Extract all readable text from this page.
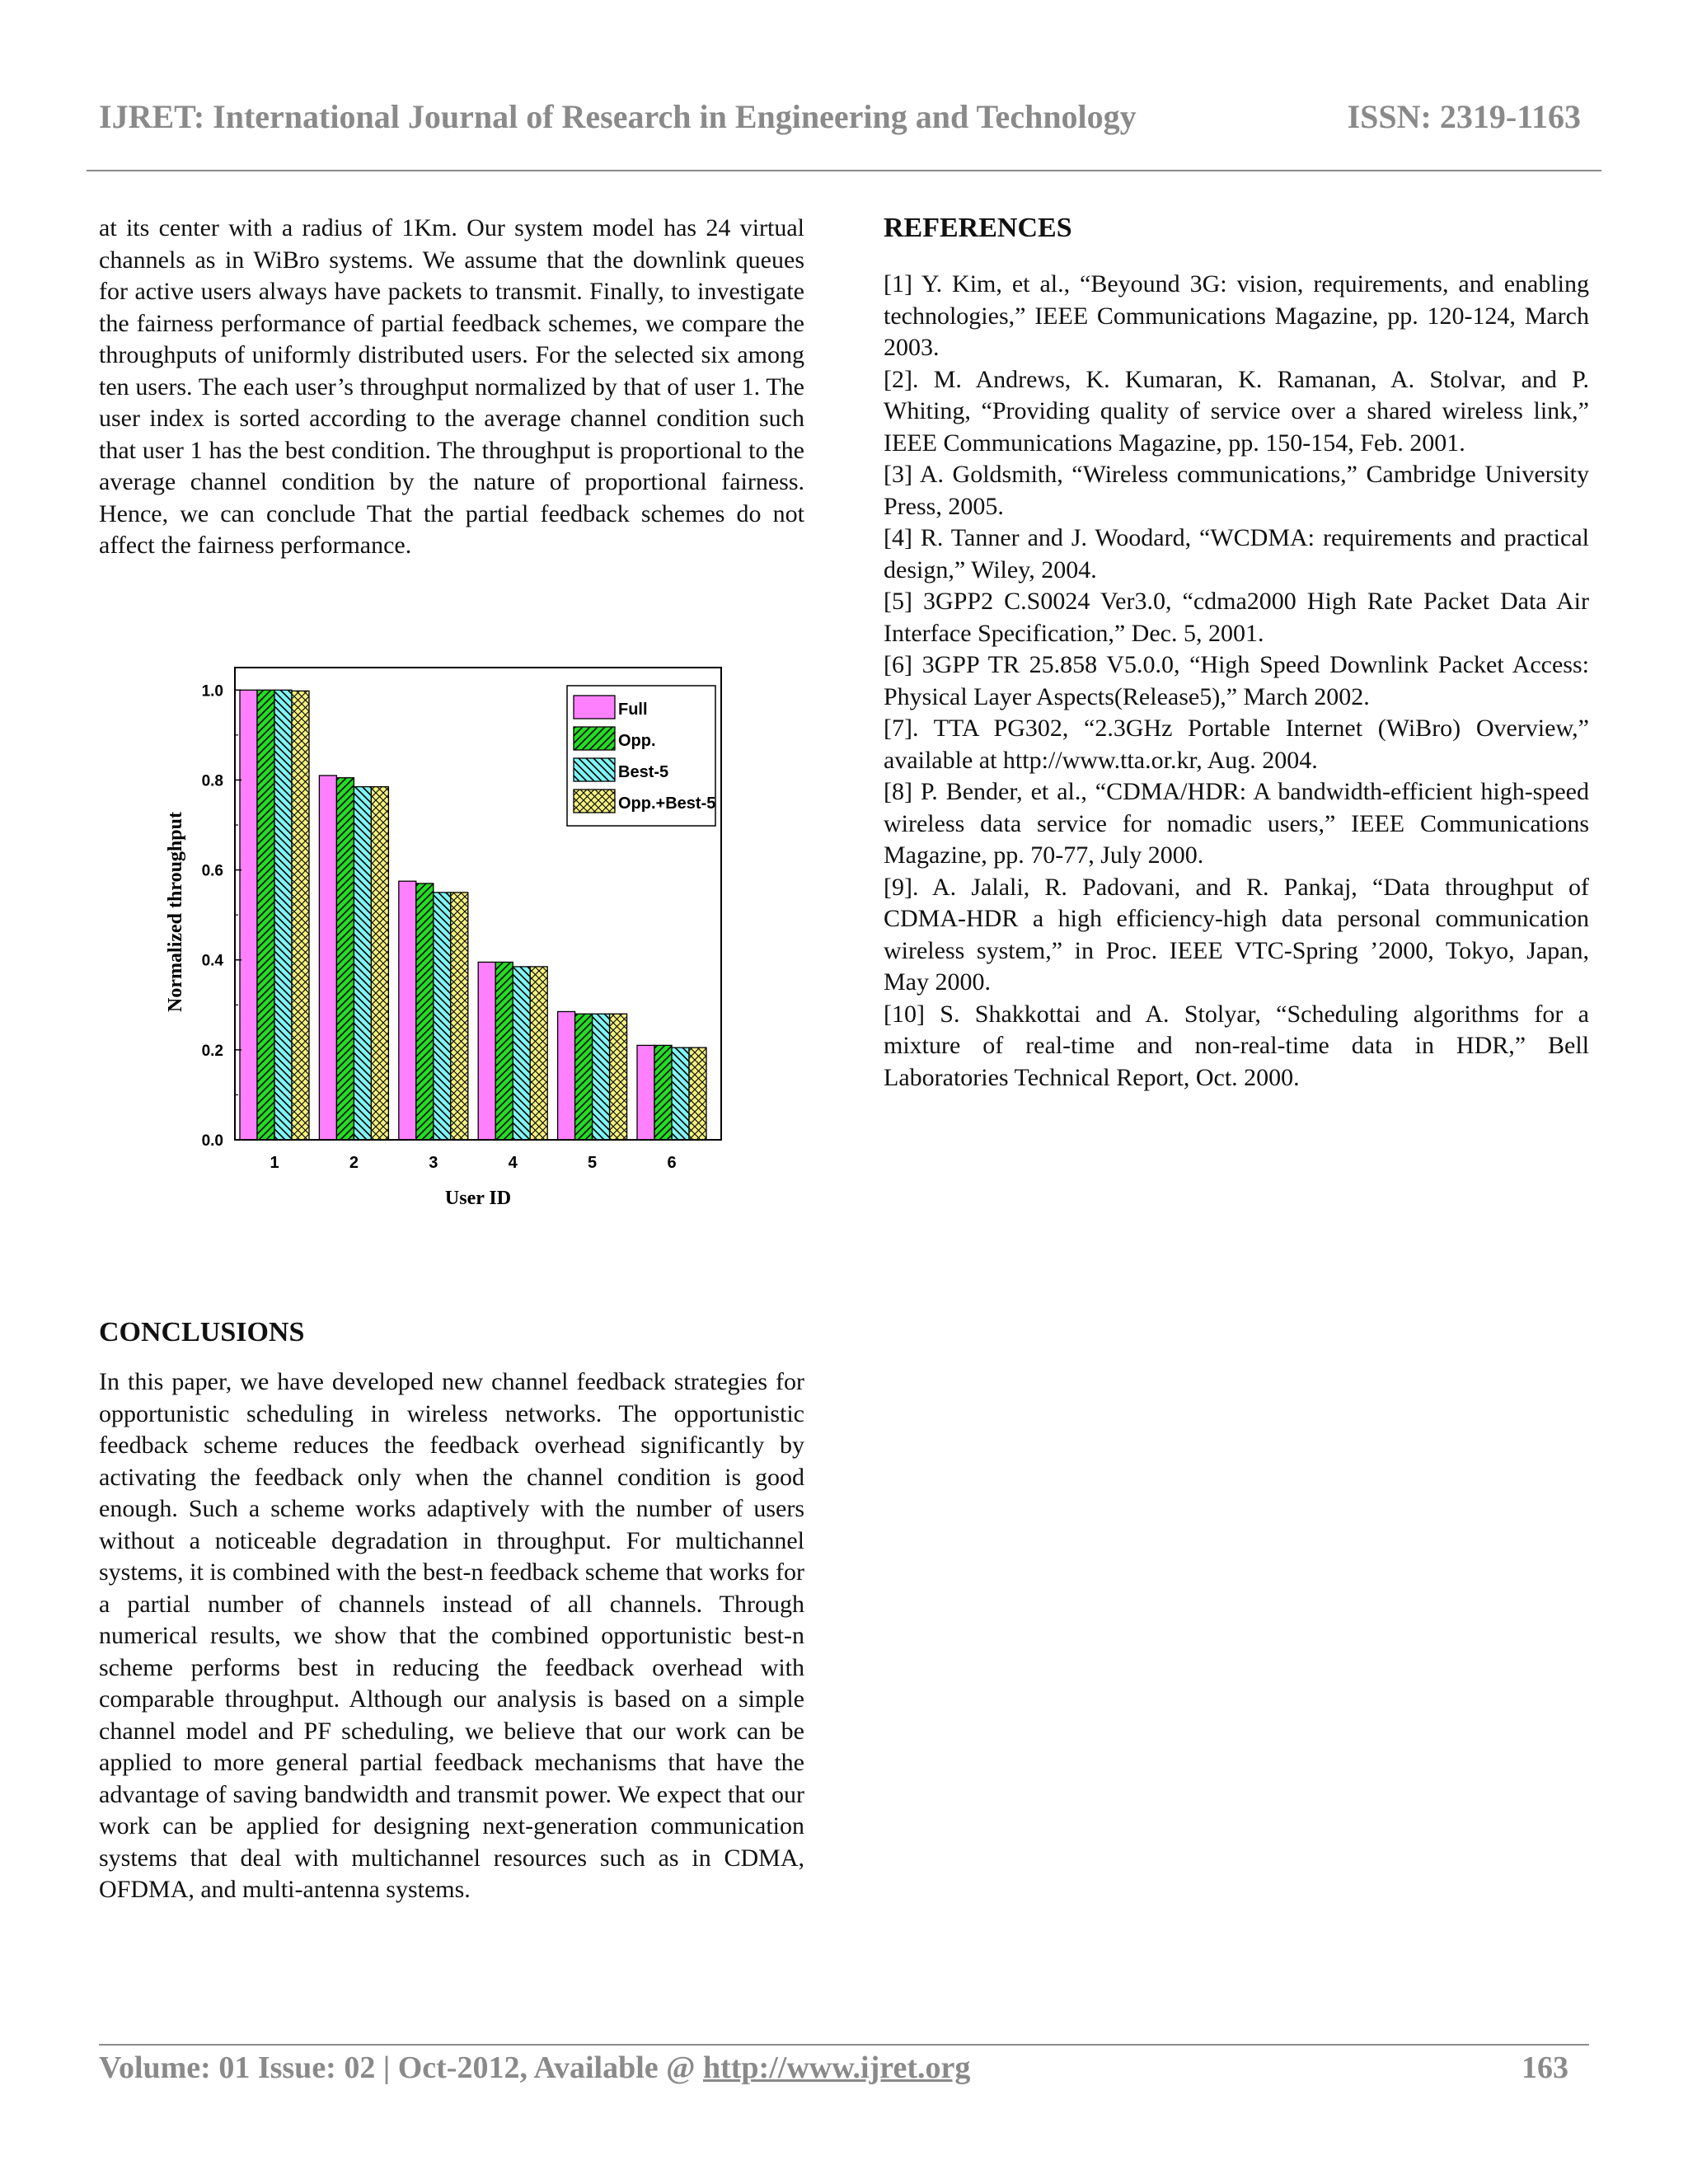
IJRET: International Journal of Research in Engineering and Technology	ISSN: 2319-1163

at its center with a radius of 1Km. Our system model has 24 virtual channels as in WiBro systems. We assume that the downlink queues for active users always have packets to transmit. Finally, to investigate the fairness performance of partial feedback schemes, we compare the throughputs of uniformly distributed users. For the selected six among ten users. The each user’s throughput normalized by that of user 1. The user index is sorted according to the average channel condition such that user 1 has the best condition. The throughput is proportional to the average channel condition by the nature of proportional fairness. Hence, we can conclude That the partial feedback schemes do not affect the fairness performance.

0.0
0.2
0.4
0.6
0.8
1.0
1	2	3	4	5	6
Normalized throughput
User ID
Full
Opp.
Best-5
Opp.+Best-5
CONCLUSIONS

In this paper, we have developed new channel feedback strategies for opportunistic scheduling in wireless networks. The opportunistic feedback scheme reduces the feedback overhead significantly by activating the feedback only when the channel condition is good enough. Such a scheme works adaptively with the number of users without a noticeable degradation in throughput. For multichannel systems, it is combined with the best-n feedback scheme that works for a partial number of channels instead of all channels. Through numerical results, we show that the combined opportunistic best-n scheme performs best in reducing the feedback overhead with comparable throughput. Although our analysis is based on a simple channel model and PF scheduling, we believe that our work can be applied to more general partial feedback mechanisms that have the advantage of saving bandwidth and transmit power. We expect that our work can be applied for designing next-generation communication systems that deal with multichannel resources such as in CDMA, OFDMA, and multi-antenna systems.

REFERENCES

[1] Y. Kim, et al., “Beyound 3G: vision, requirements, and enabling technologies,” IEEE Communications Magazine, pp. 120-124, March 2003.

[2]. M. Andrews, K. Kumaran, K. Ramanan, A. Stolvar, and P. Whiting, “Providing quality of service over a shared wireless link,” IEEE Communications Magazine, pp. 150-154, Feb. 2001.

[3] A. Goldsmith, “Wireless communications,” Cambridge University Press, 2005.

[4] R. Tanner and J. Woodard, “WCDMA: requirements and practical design,” Wiley, 2004.

[5] 3GPP2 C.S0024 Ver3.0, “cdma2000 High Rate Packet Data Air Interface Specification,” Dec. 5, 2001.

[6] 3GPP TR 25.858 V5.0.0, “High Speed Downlink Packet Access: Physical Layer Aspects(Release5),” March 2002.

[7]. TTA PG302, “2.3GHz Portable Internet (WiBro) Overview,” available at http://www.tta.or.kr, Aug. 2004.

[8] P. Bender, et al., “CDMA/HDR: A bandwidth-efficient high-speed wireless data service for nomadic users,” IEEE Communications Magazine, pp. 70-77, July 2000.

[9]. A. Jalali, R. Padovani, and R. Pankaj, “Data throughput of CDMA-HDR a high efficiency-high data personal communication wireless system,” in Proc. IEEE VTC-Spring ’2000, Tokyo, Japan, May 2000.

[10] S. Shakkottai and A. Stolyar, “Scheduling algorithms for a mixture of real-time and non-real-time data in HDR,” Bell Laboratories Technical Report, Oct. 2000.

Volume: 01 Issue: 02 | Oct-2012, Available @ http://www.ijret.org	163
